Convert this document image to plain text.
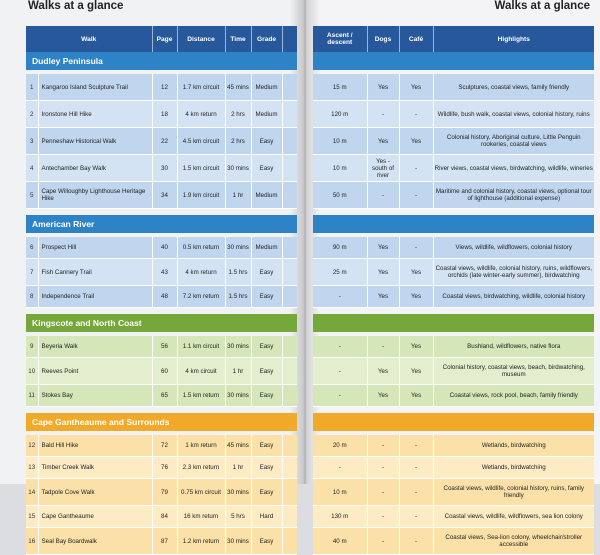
Walks at a glance	Walks at a glance
Walk		Page	Distance	Time	Grade	
Dudley Peninsula						

1	Kangaroo Island Sculpture Trail	12	1.7 km circuit	45 mins	Medium	
2	Ironstone Hill Hike	18	4 km return	2 hrs	Medium	
3	Penneshaw Historical Walk	22	4.5 km circuit	2 hrs	Easy	
4	Antechamber Bay Walk	30	1.5 km circuit	30 mins	Easy	
5	Cape Willoughby Lighthouse Heritage Hike	34	1.9 km circuit	1 hr	Medium	

American River						

6	Prospect Hill	40	0.5 km return	30 mins	Medium	
7	Fish Cannery Trail	43	4 km return	1.5 hrs	Easy	
8	Independence Trail	48	7.2 km return	1.5 hrs	Easy	

Kingscote and North Coast						

9	Beyeria Walk	56	1.1 km circuit	30 mins	Easy	
10	Reeves Point	60	4 km circuit	1 hr	Easy	
11	Stokes Bay	65	1.5 km return	30 mins	Easy	

Cape Gantheaume and Surrounds						

12	Bald Hill Hike	72	1 km return	45 mins	Easy	
13	Timber Creek Walk	76	2.3 km return	1 hr	Easy	
14	Tadpole Cove Walk	79	0.75 km circuit	30 mins	Easy	
15	Cape Gantheaume	84	16 km return	5 hrs	Hard	
16	Seal Bay Boardwalk	87	1.2 km return	30 mins	Easy	
Ascent / descent	Dogs	Café	Highlights

15 m	Yes	Yes	Sculptures, coastal views, family friendly
120 m	-	-	Wildlife, bush walk, coastal views, colonial history, ruins
10 m	Yes	Yes	Colonial history, Aboriginal culture, Little Penguin rookeries, coastal views
10 m	Yes - south of river	-	River views, coastal views, birdwatching, wildlife, wineries
50 m	-	-	Maritime and colonial history, coastal views, optional tour of lighthouse (additional expense)

90 m	Yes	-	Views, wildlife, wildflowers, colonial history
25 m	Yes	Yes	Coastal views, wildlife, colonial history, ruins, wildflowers, orchids (late winter-early summer), birdwatching
-	Yes	Yes	Coastal views, birdwatching, wildlife, colonial history

-	-	Yes	Bushland, wildflowers, native flora
-	Yes	Yes	Colonial history, coastal views, beach, birdwatching, museum
-	Yes	Yes	Coastal views, rock pool, beach, family friendly

20 m	-	-	Wetlands, birdwatching
-	-	-	Wetlands, birdwatching
10 m	-	-	Coastal views, wildlife, colonial history, ruins, family friendly
130 m	-	-	Coastal views, wildlife, wildflowers, sea lion colony
40 m	-	-	Coastal views, Sea-lion colony, wheelchair/stroller accessible
